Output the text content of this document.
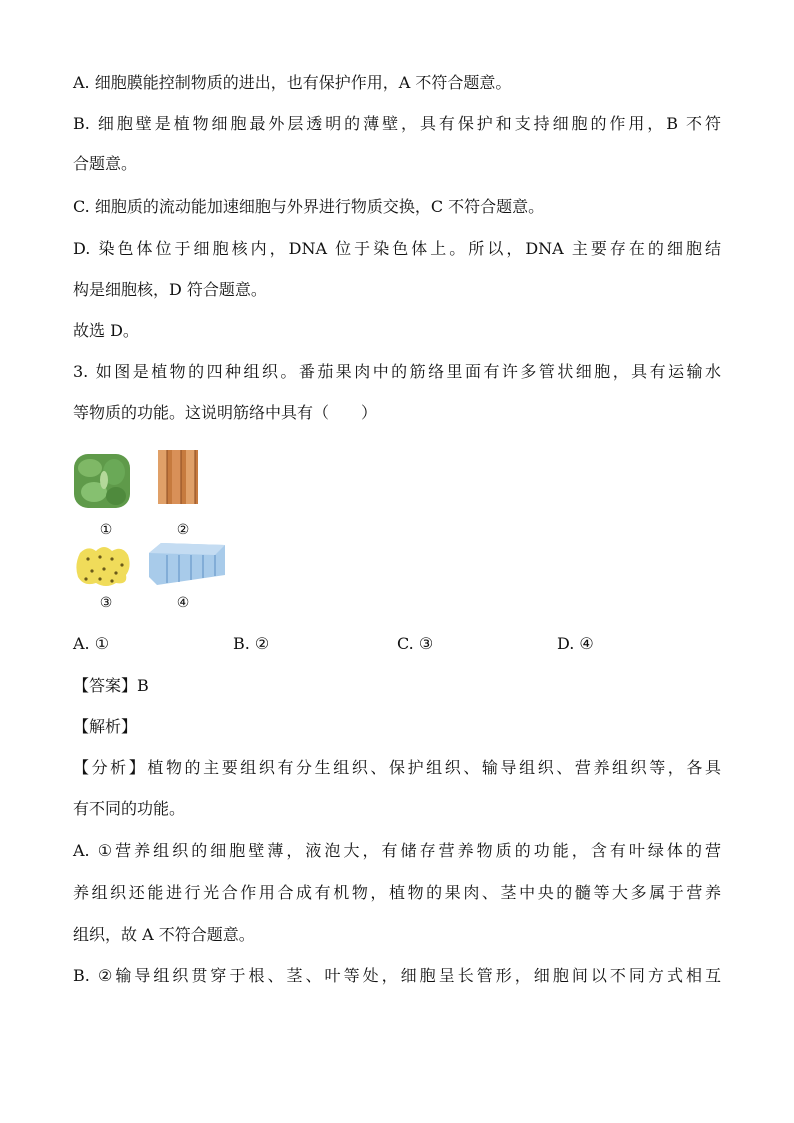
A. 细胞膜能控制物质的进出，也有保护作用，A 不符合题意。
B. 细胞壁是植物细胞最外层透明的薄壁，具有保护和支持细胞的作用，B 不符
合题意。
C. 细胞质的流动能加速细胞与外界进行物质交换，C 不符合题意。
D. 染色体位于细胞核内，DNA 位于染色体上。所以，DNA 主要存在的细胞结
构是细胞核，D 符合题意。
故选 D。
3. 如图是植物的四种组织。番茄果肉中的筋络里面有许多管状细胞，具有运输水
等物质的功能。这说明筋络中具有（　　）
①	②
③	④
A. ①	B. ②	C. ③	D. ④
【答案】B
【解析】
【分析】植物的主要组织有分生组织、保护组织、输导组织、营养组织等，各具
有不同的功能。
A. ①营养组织的细胞壁薄，液泡大，有储存营养物质的功能，含有叶绿体的营
养组织还能进行光合作用合成有机物，植物的果肉、茎中央的髓等大多属于营养
组织，故 A 不符合题意。
B. ②输导组织贯穿于根、茎、叶等处，细胞呈长管形，细胞间以不同方式相互
